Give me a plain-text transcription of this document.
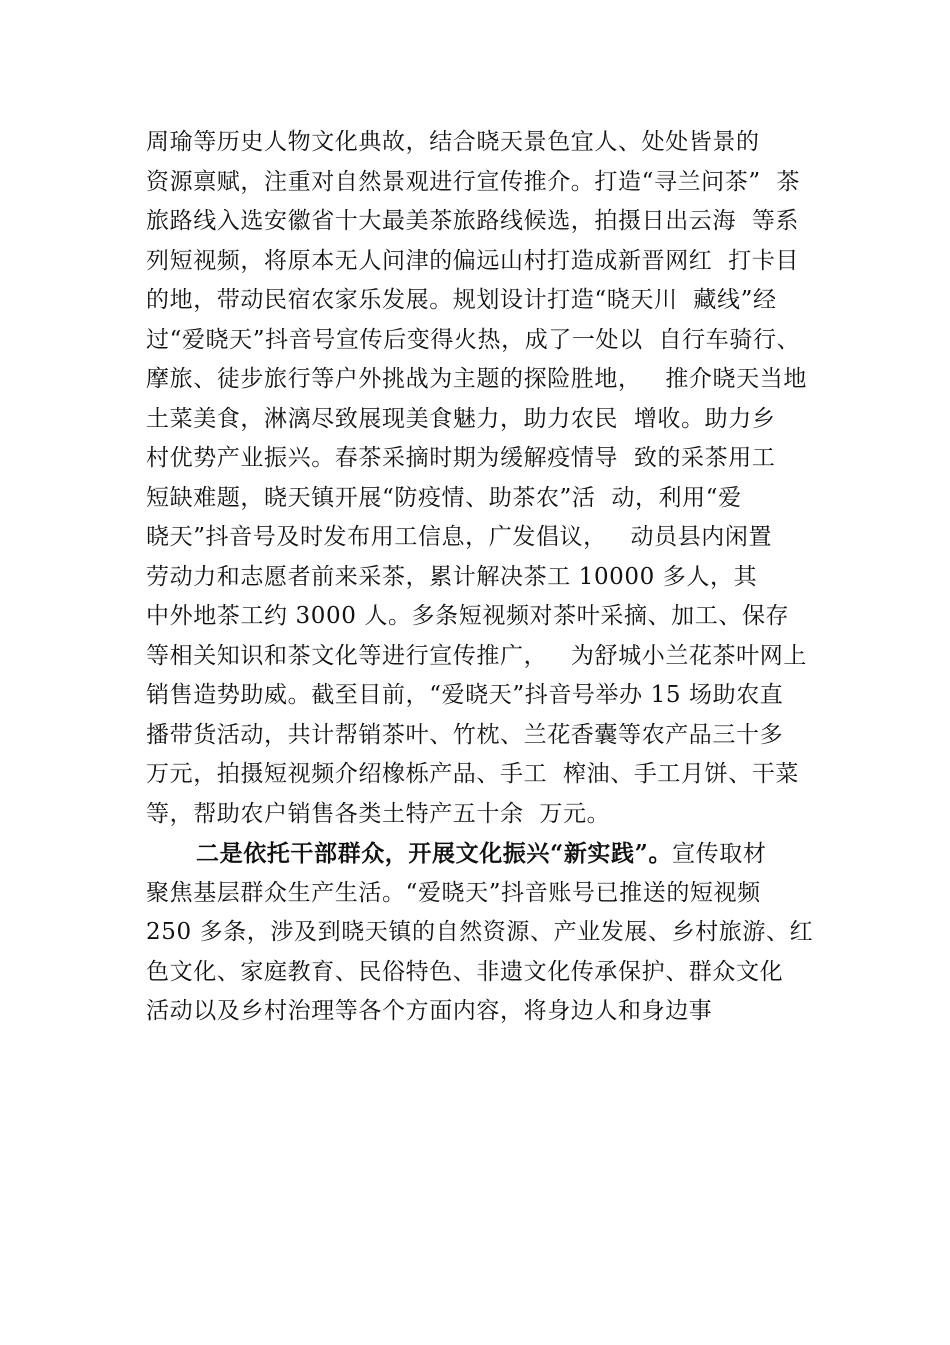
周瑜等历史人物文化典故，结合晓天景色宜人、处处皆景的
资源禀赋，注重对自然景观进行宣传推介。打造“寻兰问茶”  茶
旅路线入选安徽省十大最美茶旅路线候选，拍摄日出云海  等系
列短视频，将原本无人问津的偏远山村打造成新晋网红  打卡目
的地，带动民宿农家乐发展。规划设计打造“晓天川  藏线”经
过“爱晓天”抖音号宣传后变得火热，成了一处以  自行车骑行、
摩旅、徒步旅行等户外挑战为主题的探险胜地，   推介晓天当地
土菜美食，淋漓尽致展现美食魅力，助力农民  增收。助力乡
村优势产业振兴。春茶采摘时期为缓解疫情导  致的采茶用工
短缺难题，晓天镇开展“防疫情、助茶农”活  动，利用“爱
晓天”抖音号及时发布用工信息，广发倡议，   动员县内闲置
劳动力和志愿者前来采茶，累计解决茶工 10000 多人，其
中外地茶工约 3000 人。多条短视频对茶叶采摘、加工、保存
等相关知识和茶文化等进行宣传推广，   为舒城小兰花茶叶网上
销售造势助威。截至目前，“爱晓天”抖音号举办 15 场助农直
播带货活动，共计帮销茶叶、竹枕、兰花香囊等农产品三十多
万元，拍摄短视频介绍橡栎产品、手工  榨油、手工月饼、干菜
等，帮助农户销售各类土特产五十余  万元。
二是依托干部群众，开展文化振兴“新实践”。宣传取材
聚焦基层群众生产生活。“爱晓天”抖音账号已推送的短视频
250 多条，涉及到晓天镇的自然资源、产业发展、乡村旅游、红
色文化、家庭教育、民俗特色、非遗文化传承保护、群众文化
活动以及乡村治理等各个方面内容，将身边人和身边事
